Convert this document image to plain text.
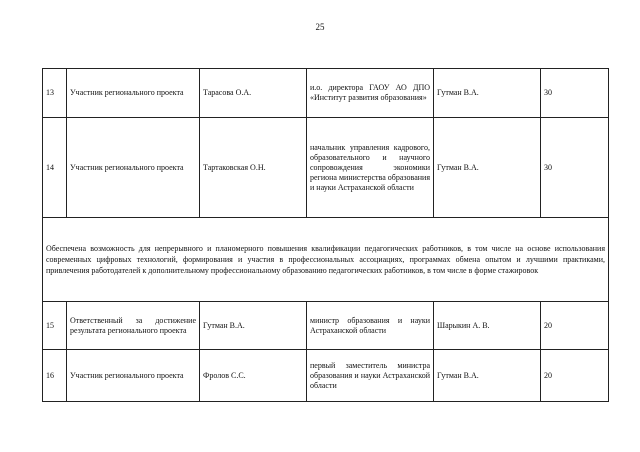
25
13	Участник регионального проекта	Тарасова О.А.	и.о. директора ГАОУ АО ДПО «Институт развития образования»	Гутман В.А.	30
14	Участник регионального проекта	Тартаковская О.Н.	начальник управления кадрового, образовательного и научного сопровождения экономики региона министерства образования и науки Астраханской области	Гутман В.А.	30
Обеспечена возможность для непрерывного и планомерного повышения квалификации педагогических работников, в том числе на основе использования современных цифровых технологий, формирования и участия в профессиональных ассоциациях, программах обмена опытом и лучшими практиками, привлечения работодателей к дополнительному профессиональному образованию педагогических работников, в том числе в форме стажировок					
15	Ответственный за достижение результата регионального проекта	Гутман В.А.	министр образования и науки Астраханской области	Шарыкин А. В.	20
16	Участник регионального проекта	Фролов С.С.	первый заместитель министра образования и науки Астраханской области	Гутман В.А.	20
